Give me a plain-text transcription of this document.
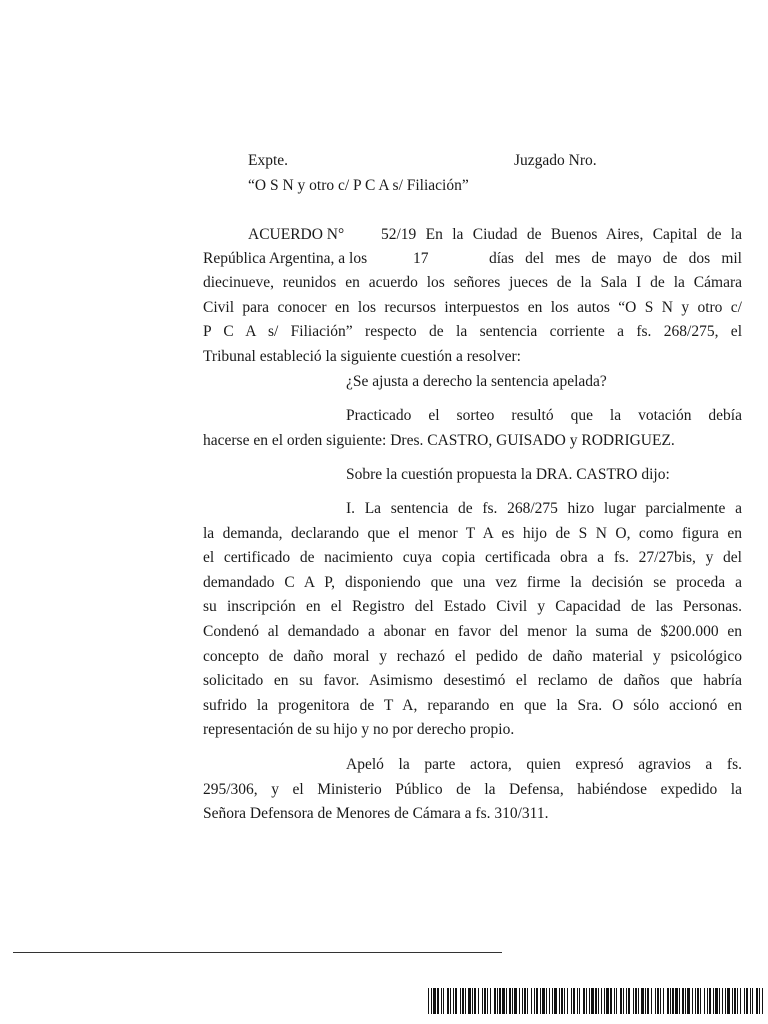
Expte.	Juzgado Nro.
“O S N y otro c/ P C A s/ Filiación”
ACUERDO N° 52/19 En la Ciudad de Buenos Aires, Capital de la
República Argentina, a los	17	días del mes de mayo de dos mil
diecinueve, reunidos en acuerdo los señores jueces de la Sala I de la Cámara
Civil para conocer en los recursos interpuestos en los autos “O S N y otro c/
P C A s/ Filiación” respecto de la sentencia corriente a fs. 268/275, el
Tribunal estableció la siguiente cuestión a resolver:
¿Se ajusta a derecho la sentencia apelada?
Practicado el sorteo resultó que la votación debía
hacerse en el orden siguiente: Dres. CASTRO, GUISADO y RODRIGUEZ.
Sobre la cuestión propuesta la DRA. CASTRO dijo:
I. La sentencia de fs. 268/275 hizo lugar parcialmente a
la demanda, declarando que el menor T A es hijo de S N O, como figura en
el certificado de nacimiento cuya copia certificada obra a fs. 27/27bis, y del
demandado C A P, disponiendo que una vez firme la decisión se proceda a
su inscripción en el Registro del Estado Civil y Capacidad de las Personas.
Condenó al demandado a abonar en favor del menor la suma de $200.000 en
concepto de daño moral y rechazó el pedido de daño material y psicológico
solicitado en su favor. Asimismo desestimó el reclamo de daños que habría
sufrido la progenitora de T A, reparando en que la Sra. O sólo accionó en
representación de su hijo y no por derecho propio.
Apeló la parte actora, quien expresó agravios a fs.
295/306, y el Ministerio Público de la Defensa, habiéndose expedido la
Señora Defensora de Menores de Cámara a fs. 310/311.
